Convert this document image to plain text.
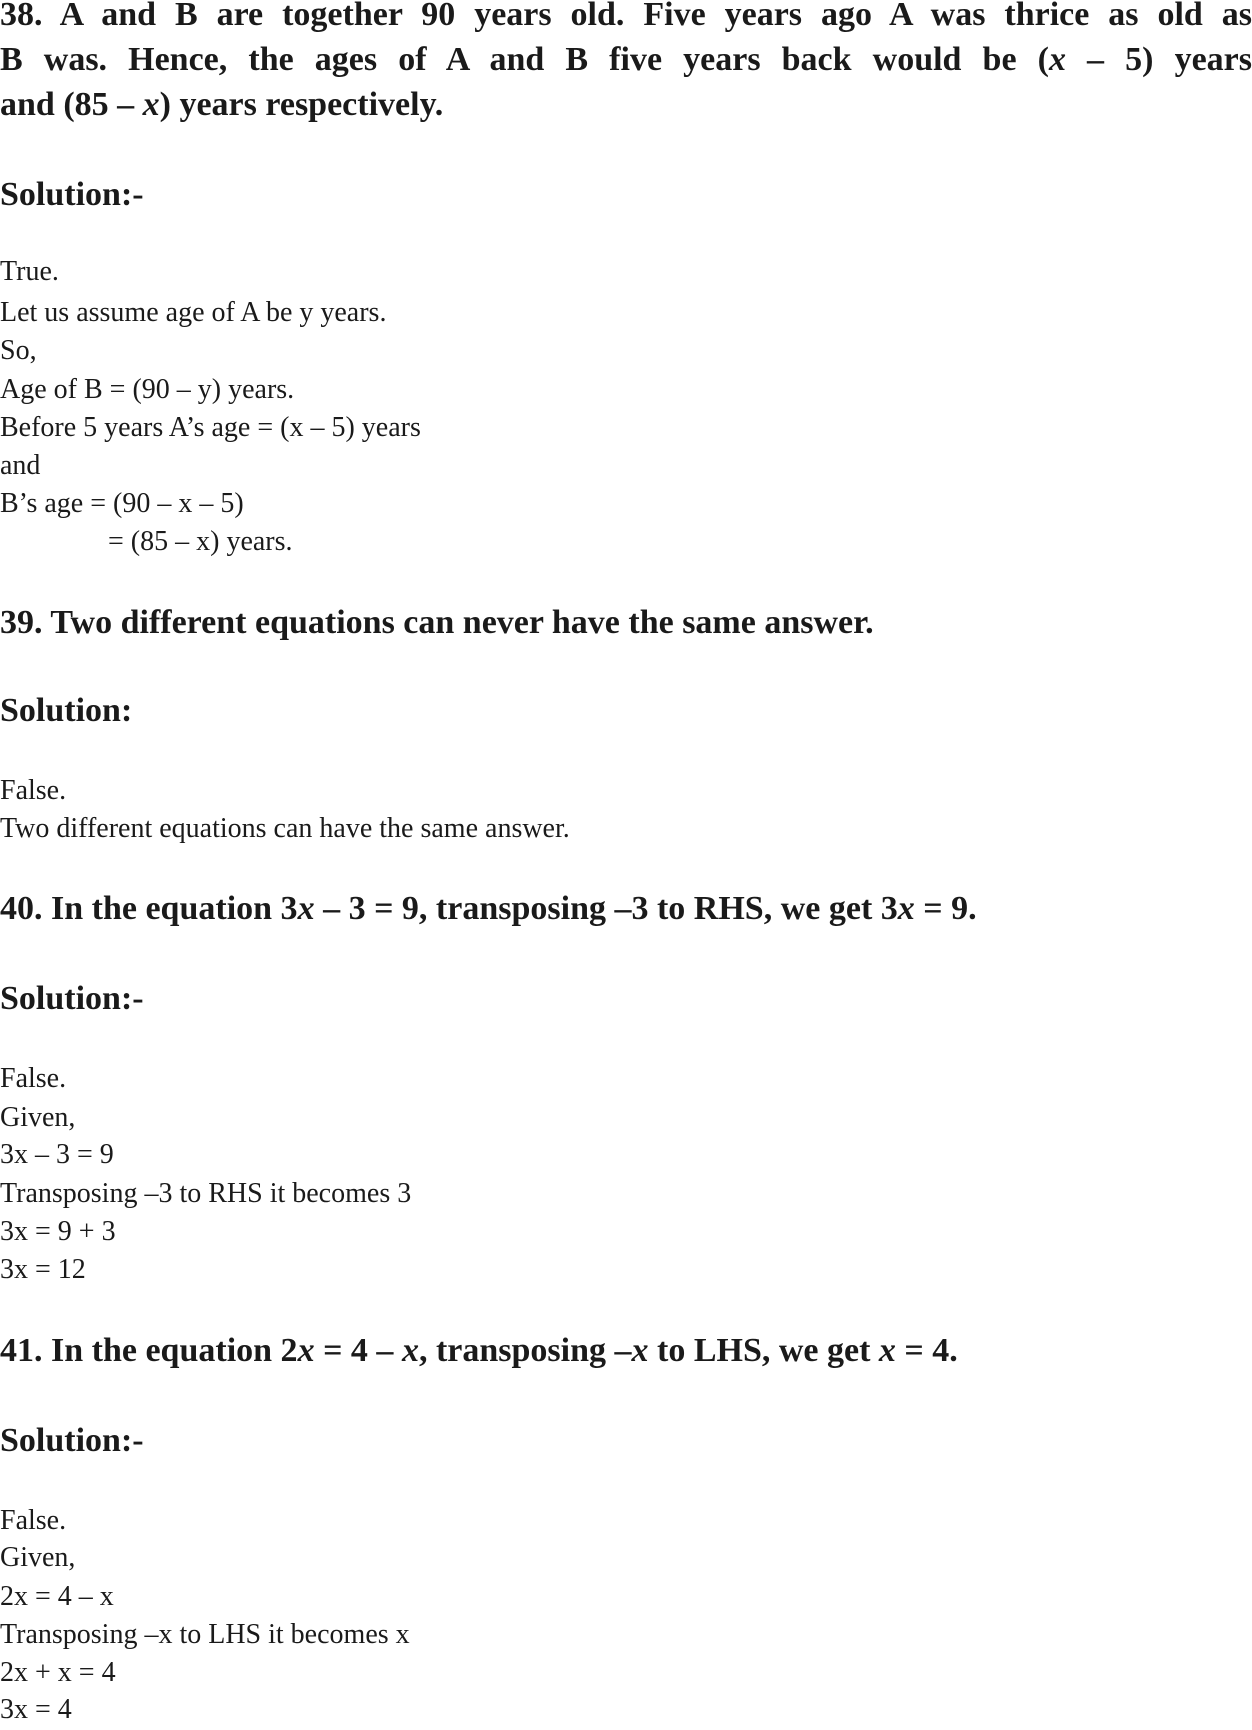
38. A and B are together 90 years old. Five years ago A was thrice as old as
B was. Hence, the ages of A and B five years back would be (x – 5) years
and (85 – x) years respectively.
Solution:-
True.
Let us assume age of A be y years.
So,
Age of B = (90 – y) years.
Before 5 years A’s age = (x – 5) years
and
B’s age = (90 – x – 5)
= (85 – x) years.
39. Two different equations can never have the same answer.
Solution:
False.
Two different equations can have the same answer.
40. In the equation 3x – 3 = 9, transposing –3 to RHS, we get 3x = 9.
Solution:-
False.
Given,
3x – 3 = 9
Transposing –3 to RHS it becomes 3
3x = 9 + 3
3x = 12
41. In the equation 2x = 4 – x, transposing –x to LHS, we get x = 4.
Solution:-
False.
Given,
2x = 4 – x
Transposing –x to LHS it becomes x
2x + x = 4
3x = 4
